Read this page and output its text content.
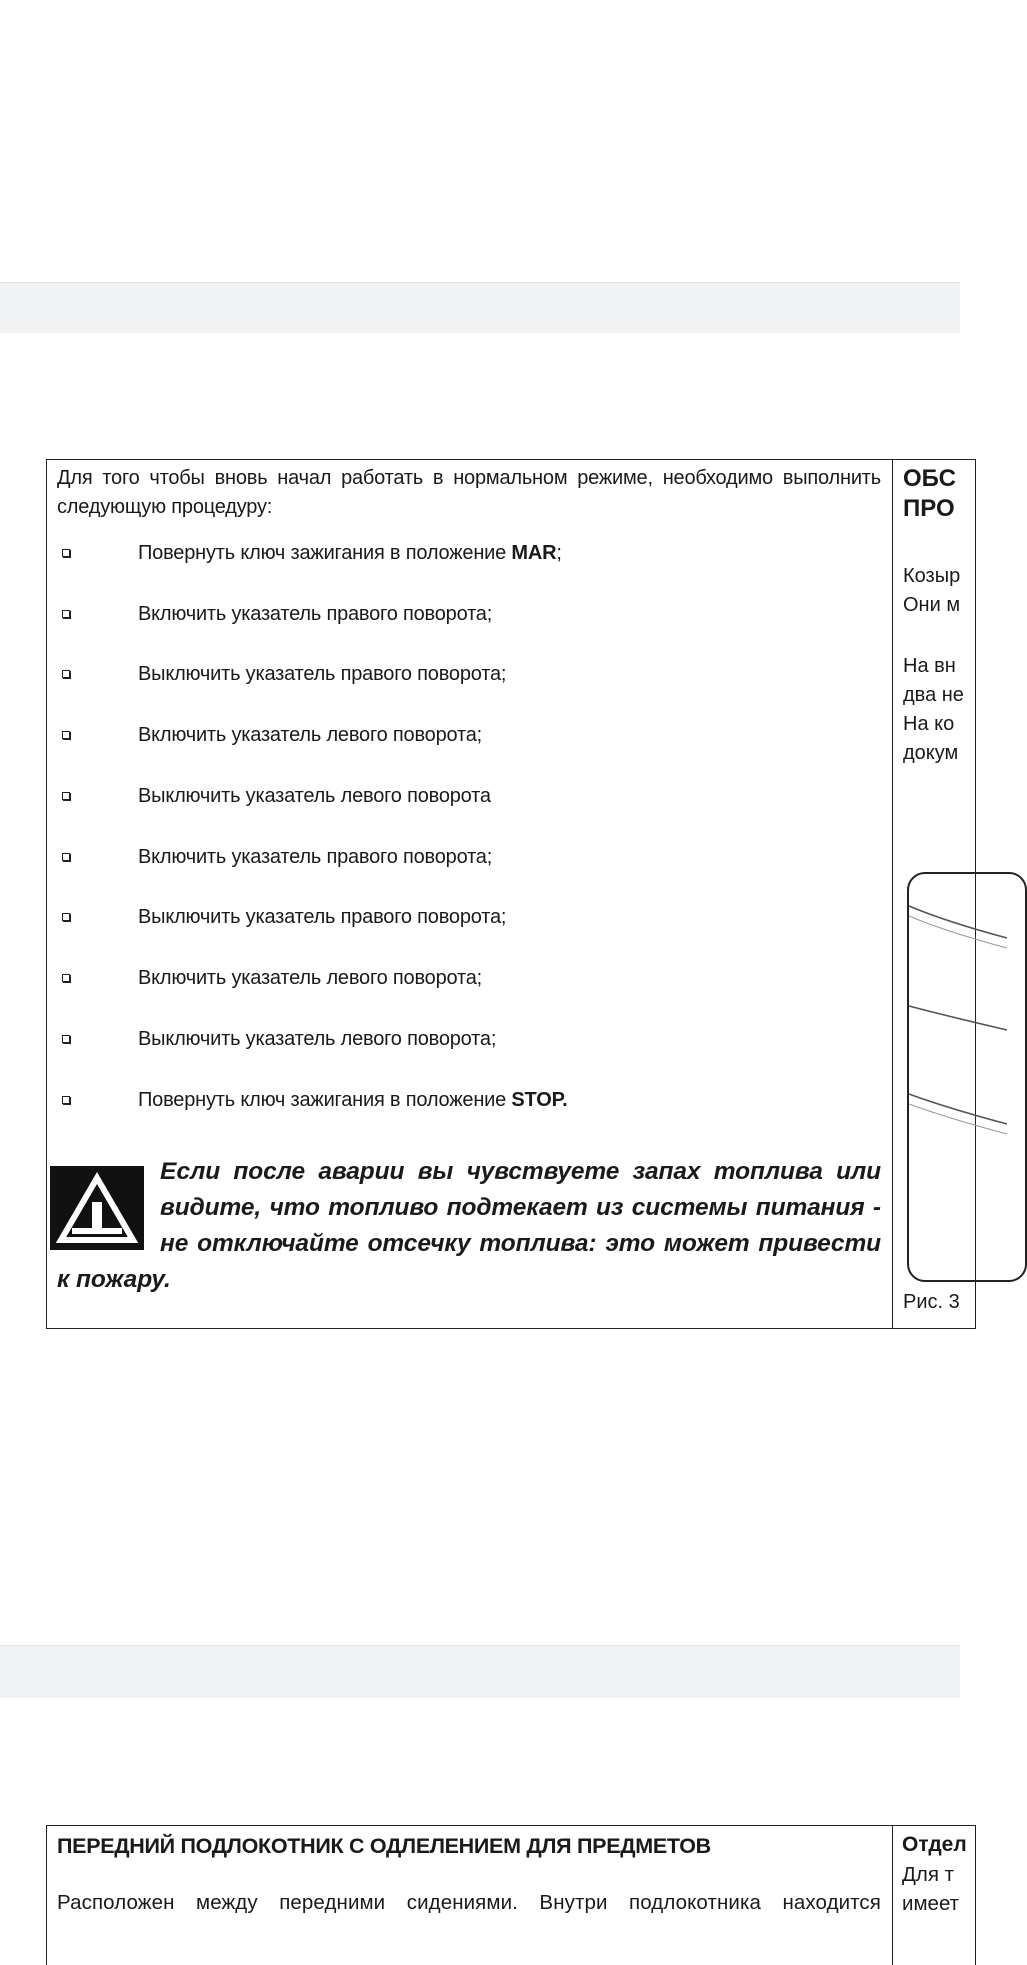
Для того чтобы вновь начал работать в нормальном режиме, необходимо выполнить следующую процедуру:
Повернуть ключ зажигания в положение MAR;
Включить указатель правого поворота;
Выключить указатель правого поворота;
Включить указатель левого поворота;
Выключить указатель левого поворота
Включить указатель правого поворота;
Выключить указатель правого поворота;
Включить указатель левого поворота;
Выключить указатель левого поворота;
Повернуть ключ зажигания в положение STOP.
Если после аварии вы чувствуете запах топлива или видите, что топливо подтекает из системы питания - не отключайте отсечку топлива: это может привести к пожару.
ОБС
ПРО
Козыр
Они м
На вн
два не
На ко
докум
Рис. 3
ПЕРЕДНИЙ ПОДЛОКОТНИК С ОДЛЕЛЕНИЕМ ДЛЯ ПРЕДМЕТОВ
Расположен между передними сидениями. Внутри подлокотника находится
Отдел
Для т
имеет
